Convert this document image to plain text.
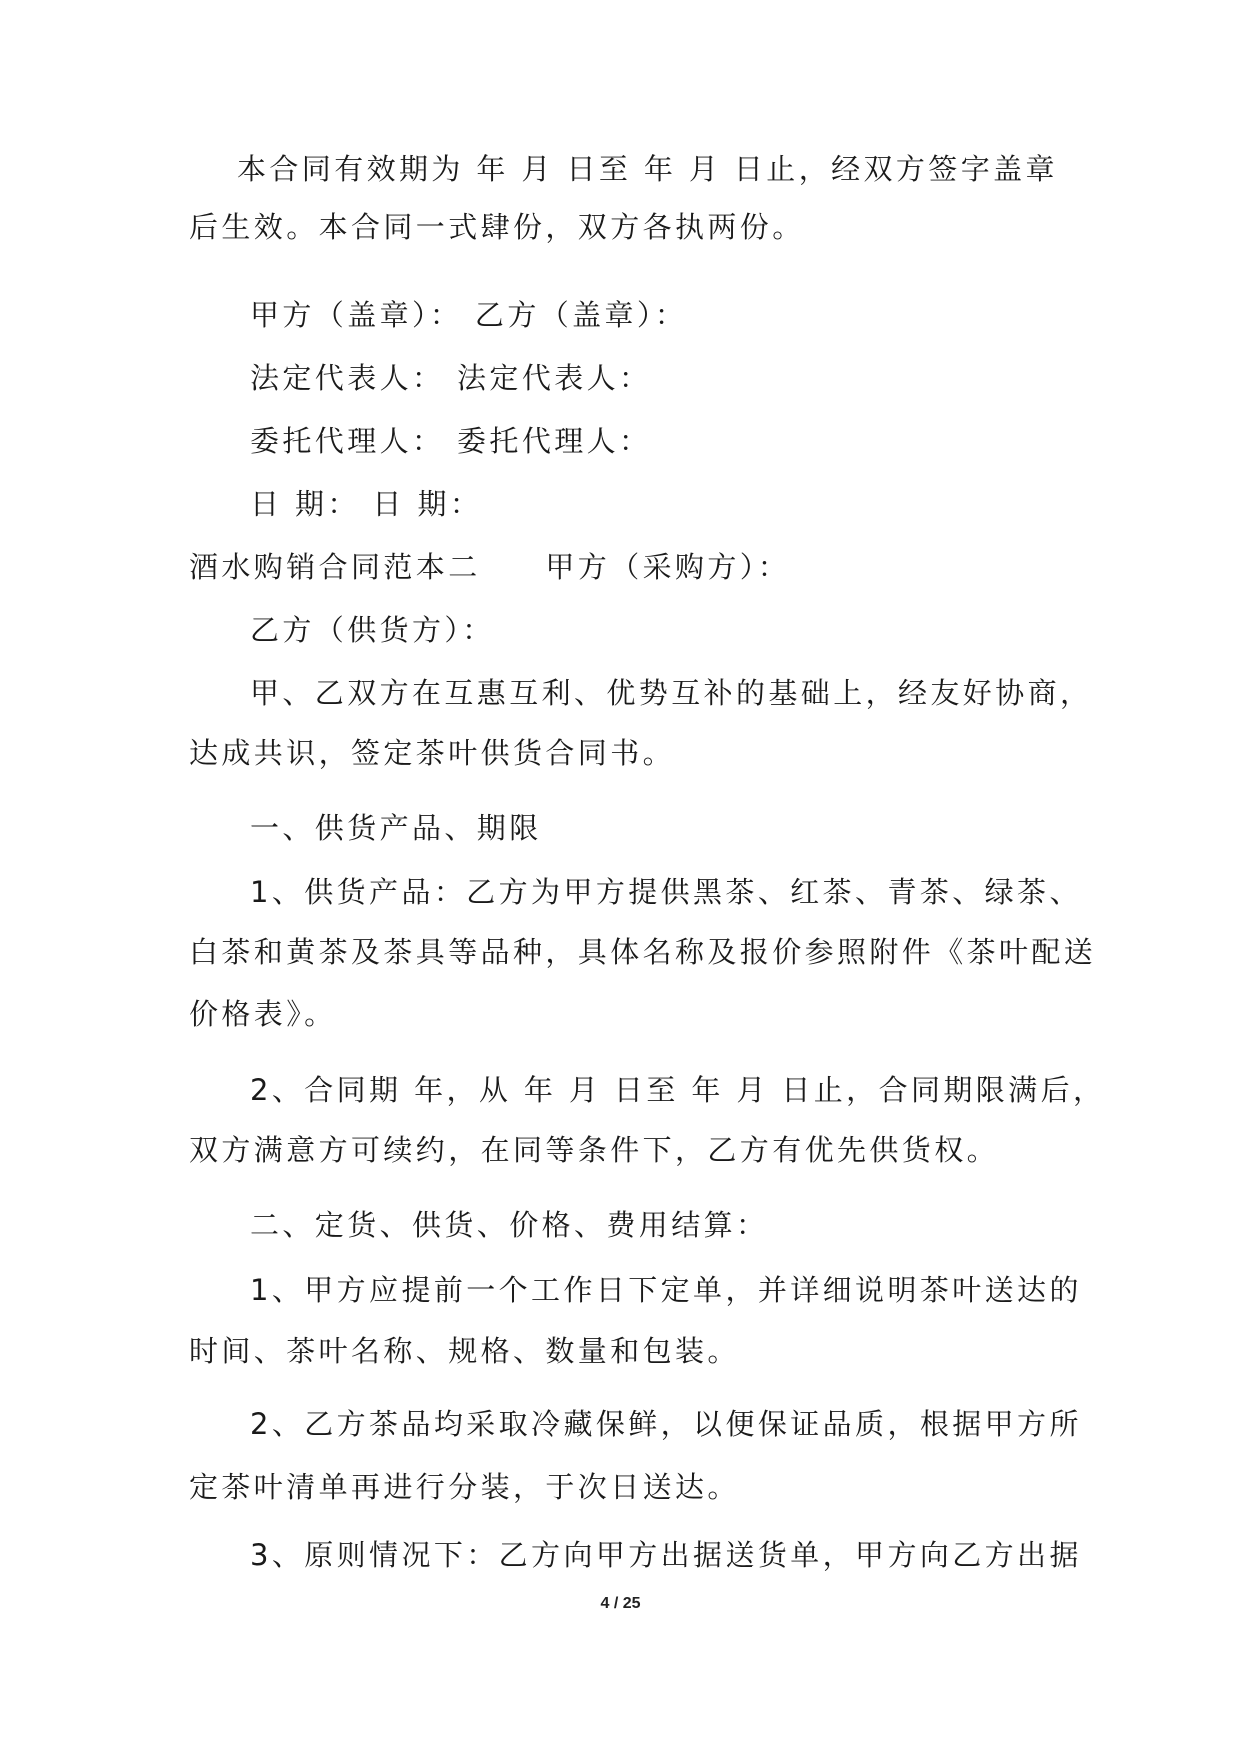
本合同有效期为 年 月 日至 年 月 日止，经双方签字盖章
后生效。本合同一式肆份，双方各执两份。
甲方（盖章）： 乙方（盖章）：
法定代表人： 法定代表人：
委托代理人： 委托代理人：
日 期： 日 期：
酒水购销合同范本二　　甲方（采购方）：
乙方（供货方）：
甲、乙双方在互惠互利、优势互补的基础上，经友好协商，
达成共识，签定茶叶供货合同书。
一、供货产品、期限
1、供货产品：乙方为甲方提供黑茶、红茶、青茶、绿茶、
白茶和黄茶及茶具等品种，具体名称及报价参照附件《茶叶配送
价格表》。
2、合同期 年，从 年 月 日至 年 月 日止，合同期限满后，
双方满意方可续约，在同等条件下，乙方有优先供货权。
二、定货、供货、价格、费用结算：
1、甲方应提前一个工作日下定单，并详细说明茶叶送达的
时间、茶叶名称、规格、数量和包装。
2、乙方茶品均采取冷藏保鲜，以便保证品质，根据甲方所
定茶叶清单再进行分装，于次日送达。
3、原则情况下：乙方向甲方出据送货单，甲方向乙方出据
4 / 25
